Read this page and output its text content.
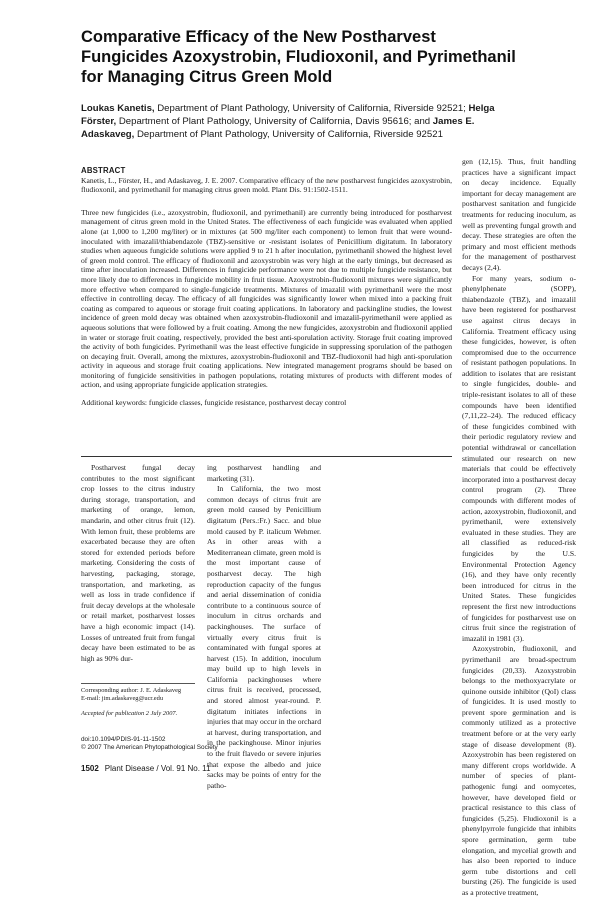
Comparative Efficacy of the New Postharvest Fungicides Azoxystrobin, Fludioxonil, and Pyrimethanil for Managing Citrus Green Mold
Loukas Kanetis, Department of Plant Pathology, University of California, Riverside 92521; Helga Förster, Department of Plant Pathology, University of California, Davis 95616; and James E. Adaskaveg, Department of Plant Pathology, University of California, Riverside 92521
ABSTRACT

Kanetis, L., Förster, H., and Adaskaveg, J. E. 2007. Comparative efficacy of the new postharvest fungicides azoxystrobin, fludioxonil, and pyrimethanil for managing citrus green mold. Plant Dis. 91:1502-1511.

Three new fungicides (i.e., azoxystrobin, fludioxonil, and pyrimethanil) are currently being introduced for postharvest management of citrus green mold in the United States. The effectiveness of each fungicide was evaluated when applied alone (at 1,000 to 1,200 mg/liter) or in mixtures (at 500 mg/liter each component) to lemon fruit that were wound-inoculated with imazalil/thiabendazole (TBZ)-sensitive or -resistant isolates of Penicillium digitatum. In laboratory studies when aqueous fungicide solutions were applied 9 to 21 h after inoculation, pyrimethanil showed the highest level of green mold control. The efficacy of fludioxonil and azoxystrobin was very high at the early timings, but decreased as time after inoculation increased. Differences in fungicide performance were not due to multiple fungicide resistance, but more likely due to differences in fungicide mobility in fruit tissue. Azoxystrobin-fludioxonil mixtures were significantly more effective when compared to single-fungicide treatments. Mixtures of imazalil with pyrimethanil were the most effective in controlling decay. The efficacy of all fungicides was significantly lower when mixed into a packing fruit coating as compared to aqueous or storage fruit coating applications. In laboratory and packingline studies, the lowest incidence of green mold decay was obtained when azoxystrobin-fludioxonil and imazalil-pyrimethanil were applied as aqueous solutions that were followed by a fruit coating. Among the new fungicides, azoxystrobin and fludioxonil applied in water or storage fruit coating, respectively, provided the best anti-sporulation activity. Storage fruit coating improved the activity of both fungicides. Pyrimethanil was the least effective fungicide in suppressing sporulation of the pathogen on decaying fruit. Overall, among the mixtures, azoxystrobin-fludioxonil and TBZ-fludioxonil had high anti-sporulation activity in aqueous and storage fruit coating applications. New integrated management programs should be based on monitoring of fungicide sensitivities in pathogen populations, rotating mixtures of products with different modes of action, and using appropriate fungicide application strategies.

Additional keywords: fungicide classes, fungicide resistance, postharvest decay control

Postharvest fungal decay contributes to the most significant crop losses to the citrus industry during storage, transportation, and marketing of orange, lemon, mandarin, and other citrus fruit (12). With lemon fruit, these problems are exacerbated because they are often stored for extended periods before marketing. Considering the costs of harvesting, packaging, storage, transportation, and marketing, as well as loss in trade confidence if fruit decay develops at the wholesale or retail market, postharvest losses have a high economic impact (14). Losses of untreated fruit from fungal decay have been estimated to be as high as 90% dur-

Corresponding author: J. E. Adaskaveg

E-mail: jim.adaskaveg@ucr.edu

Accepted for publication 2 July 2007.

doi:10.1094/PDIS-91-11-1502
© 2007 The American Phytopathological Society
1502 Plant Disease / Vol. 91 No. 11

ing postharvest handling and marketing (31).

In California, the two most common decays of citrus fruit are green mold caused by Penicillium digitatum (Pers.:Fr.) Sacc. and blue mold caused by P. italicum Wehmer. As in other areas with a Mediterranean climate, green mold is the most important cause of postharvest decay. The high reproduction capacity of the fungus and aerial dissemination of conidia contribute to a continuous source of inoculum in citrus orchards and packinghouses. The surface of virtually every citrus fruit is contaminated with fungal spores at harvest (15). In addition, inoculum may build up to high levels in California packinghouses where citrus fruit is received, processed, and stored almost year-round. P. digitatum initiates infections in injuries that may occur in the orchard at harvest, during transportation, and in the packinghouse. Minor injuries to the fruit flavedo or severe injuries that expose the albedo and juice sacks may be points of entry for the patho-

gen (12,15). Thus, fruit handling practices have a significant impact on decay incidence. Equally important for decay management are postharvest sanitation and fungicide treatments for reducing inoculum, as well as preventing fungal growth and decay. These strategies are often the primary and most efficient methods for the management of postharvest decays (2,4).

For many years, sodium o-phenylphenate (SOPP), thiabendazole (TBZ), and imazalil have been registered for postharvest use against citrus decays in California. Treatment efficacy using these fungicides, however, is often compromised due to the occurrence of resistant pathogen populations. In addition to isolates that are resistant to single fungicides, double- and triple-resistant isolates to all of these compounds have been identified (7,11,22–24). The reduced efficacy of these fungicides combined with their periodic regulatory review and potential withdrawal or cancellation stimulated our research on new materials that could be effectively incorporated into a postharvest decay control program (2). Three compounds with different modes of action, azoxystrobin, fludioxonil, and pyrimethanil, were extensively evaluated in these studies. They are all classified as reduced-risk fungicides by the U.S. Environmental Protection Agency (16), and they have only recently been introduced for citrus in the United States. These fungicides represent the first new introductions of fungicides for postharvest use on citrus fruit since the registration of imazalil in 1981 (3).

Azoxystrobin, fludioxonil, and pyrimethanil are broad-spectrum fungicides (20,33). Azoxystrobin belongs to the methoxyacrylate or quinone outside inhibitor (QoI) class of fungicides. It is used mostly to prevent spore germination and is commonly utilized as a protective treatment before or at the very early stage of disease development (8). Azoxystrobin has been registered on many different crops worldwide. A number of species of plant-pathogenic fungi and oomycetes, however, have developed field or practical resistance to this class of fungicides (5,25). Fludioxonil is a phenylpyrrole fungicide that inhibits spore germination, germ tube elongation, and mycelial growth and has also been reported to induce germ tube distortions and cell bursting (26). The fungicide is used as a protective treatment,
